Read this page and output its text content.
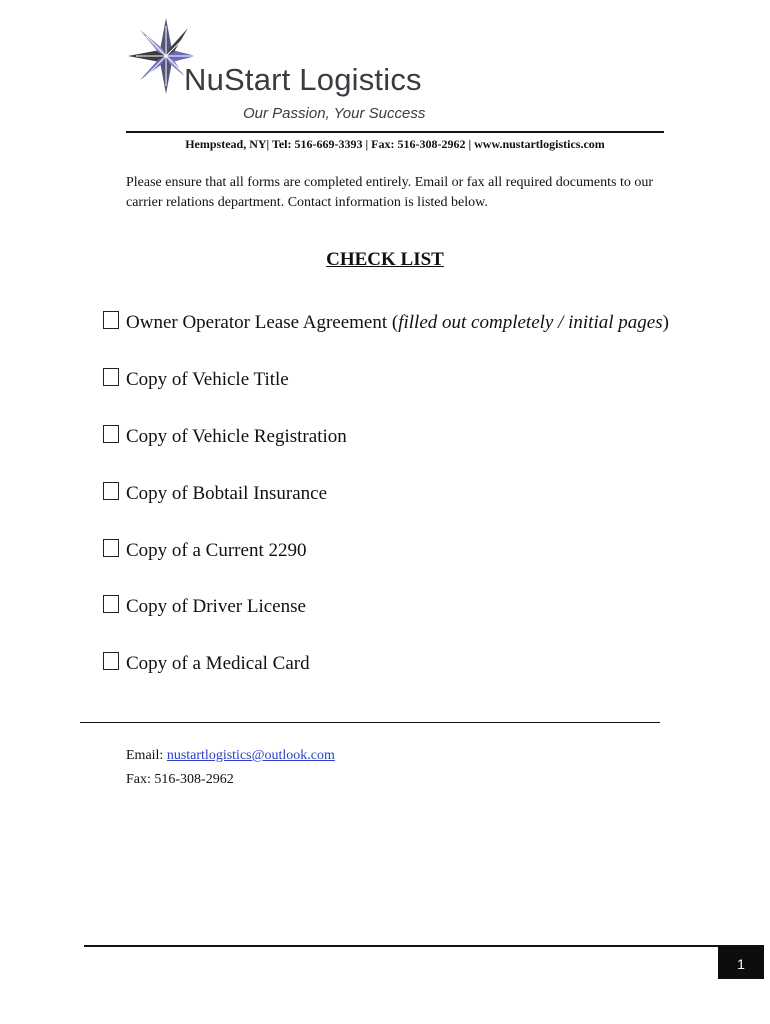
NuStart Logistics
Our Passion, Your Success
Hempstead, NY| Tel: 516-669-3393 | Fax: 516-308-2962 | www.nustartlogistics.com
Please ensure that all forms are completed entirely. Email or fax all required documents to our
carrier relations department. Contact information is listed below.
CHECK LIST
Owner Operator Lease Agreement (filled out completely / initial pages)
Copy of Vehicle Title
Copy of Vehicle Registration
Copy of Bobtail Insurance
Copy of a Current 2290
Copy of Driver License
Copy of a Medical Card
Email: nustartlogistics@outlook.com
Fax: 516-308-2962
1
